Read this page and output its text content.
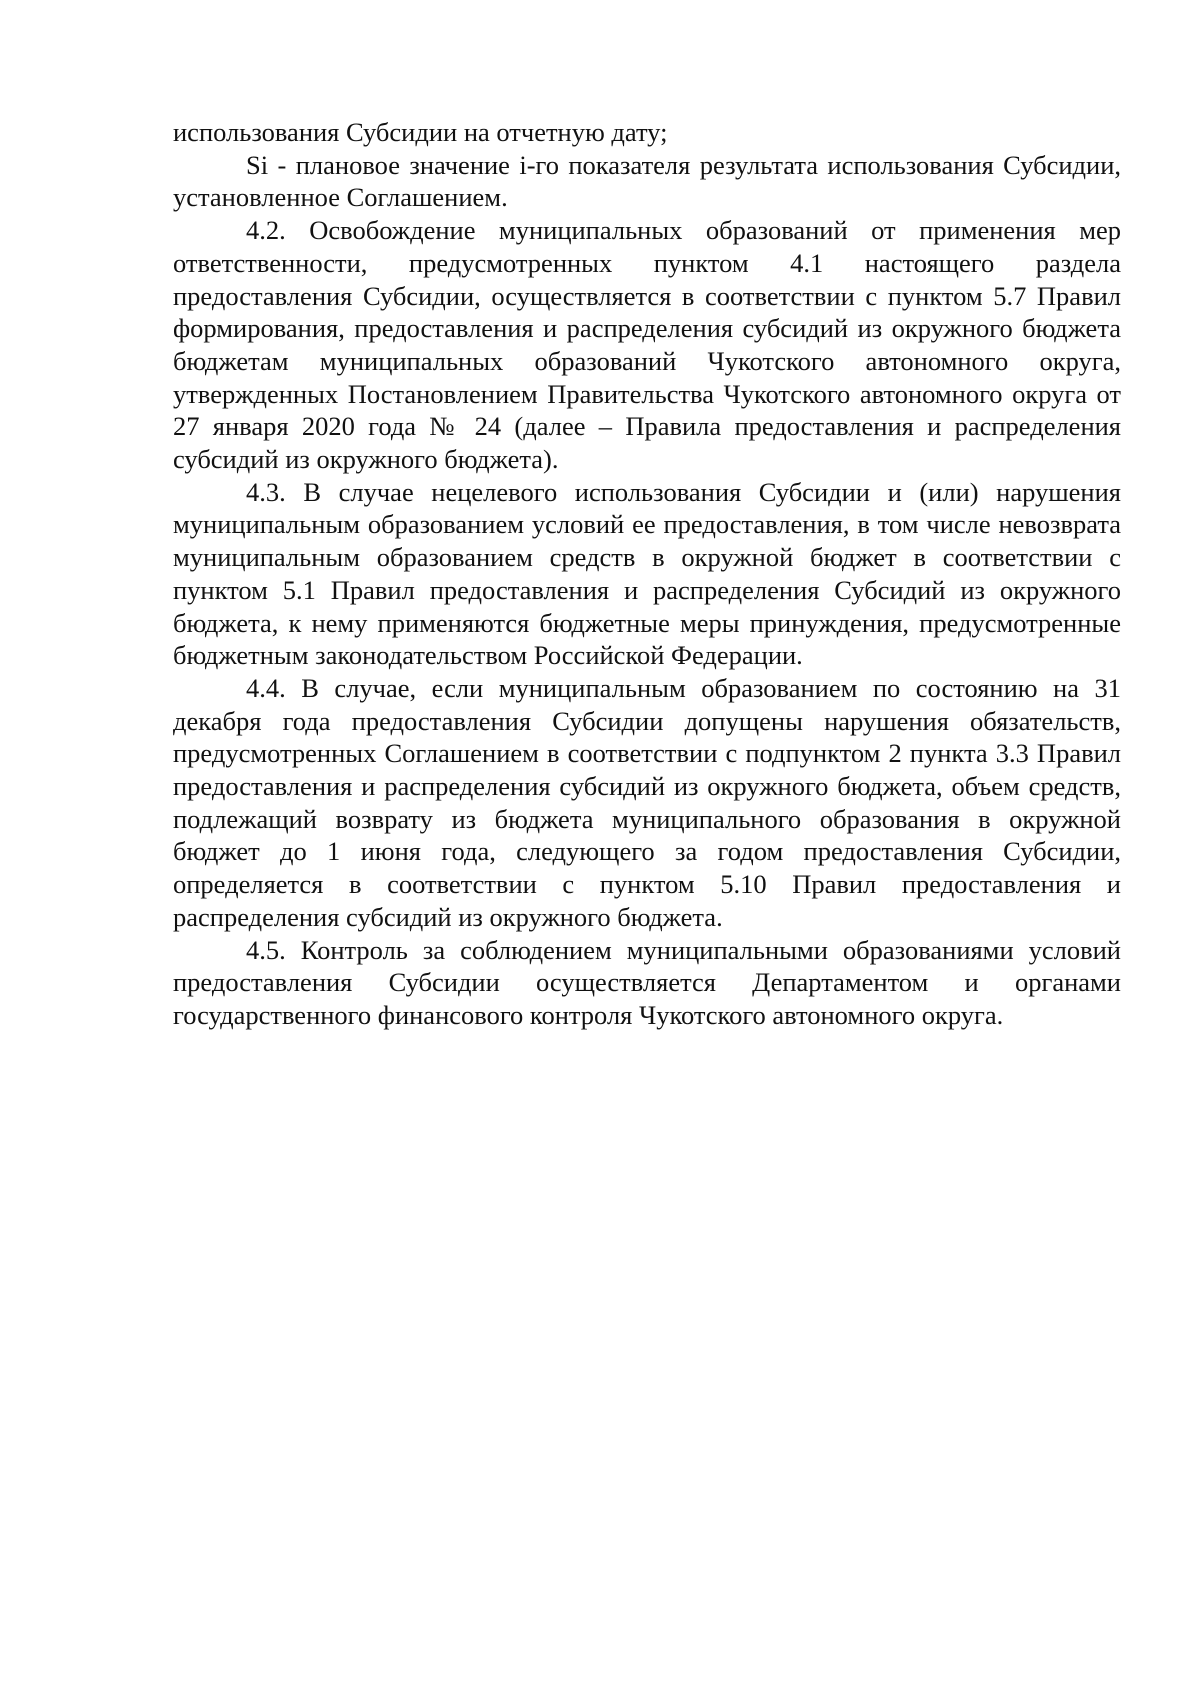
использования Субсидии на отчетную дату;

Si - плановое значение i-го показателя результата использования Субсидии, установленное Соглашением.

4.2. Освобождение муниципальных образований от применения мер ответственности, предусмотренных пунктом 4.1 настоящего раздела предоставления Субсидии, осуществляется в соответствии с пунктом 5.7 Правил формирования, предоставления и распределения субсидий из окружного бюджета бюджетам муниципальных образований Чукотского автономного округа, утвержденных Постановлением Правительства Чукотского автономного округа от 27 января 2020 года № 24 (далее – Правила предоставления и распределения субсидий из окружного бюджета).

4.3. В случае нецелевого использования Субсидии и (или) нарушения муниципальным образованием условий ее предоставления, в том числе невозврата муниципальным образованием средств в окружной бюджет в соответствии с пунктом 5.1 Правил предоставления и распределения Субсидий из окружного бюджета, к нему применяются бюджетные меры принуждения, предусмотренные бюджетным законодательством Российской Федерации.

4.4. В случае, если муниципальным образованием по состоянию на 31 декабря года предоставления Субсидии допущены нарушения обязательств, предусмотренных Соглашением в соответствии с подпунктом 2 пункта 3.3 Правил предоставления и распределения субсидий из окружного бюджета, объем средств, подлежащий возврату из бюджета муниципального образования в окружной бюджет до 1 июня года, следующего за годом предоставления Субсидии, определяется в соответствии с пунктом 5.10 Правил предоставления и распределения субсидий из окружного бюджета.

4.5. Контроль за соблюдением муниципальными образованиями условий предоставления Субсидии осуществляется Департаментом и органами государственного финансового контроля Чукотского автономного округа.
